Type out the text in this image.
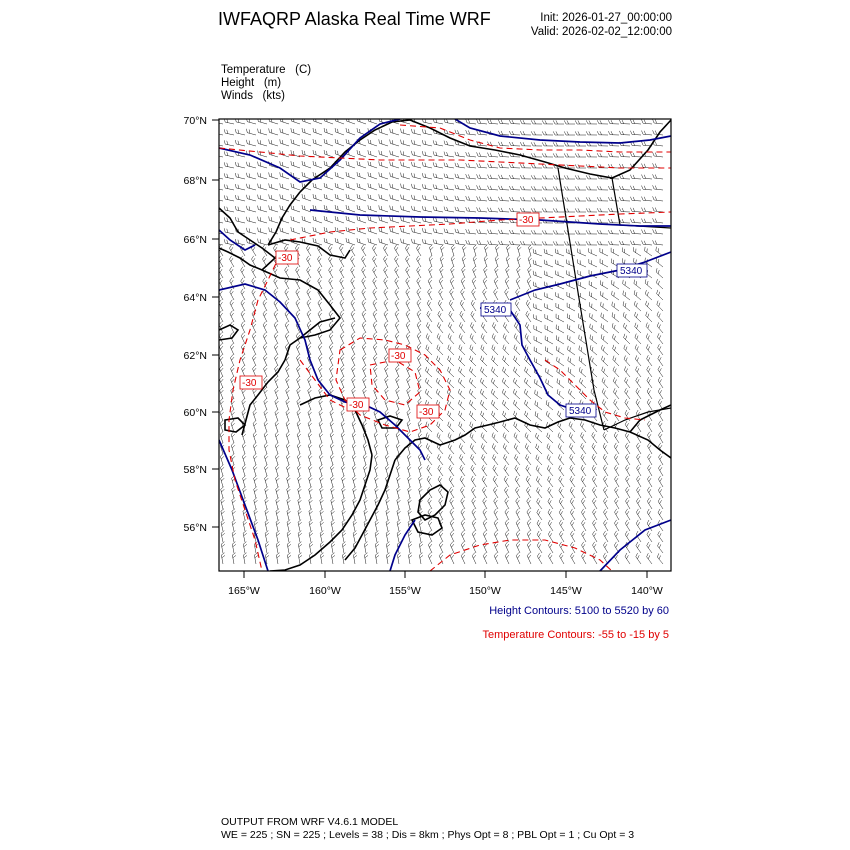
IWFAQRP Alaska Real Time WRF	Init: 2026-01-27_00:00:00
Valid: 2026-02-02_12:00:00
Temperature (C)
Height (m)
Winds (kts)
5340
5340
5340
-30
-30
-30
-30
-30
-30
70°N
68°N
66°N
64°N
62°N
60°N
58°N
56°N
165°W	160°W	155°W	150°W	145°W	140°W
Height Contours: 5100 to 5520 by 60
Temperature Contours: -55 to -15 by 5
OUTPUT FROM WRF V4.6.1 MODEL
WE = 225 ; SN = 225 ; Levels = 38 ; Dis = 8km ; Phys Opt = 8 ; PBL Opt = 1 ; Cu Opt = 3
